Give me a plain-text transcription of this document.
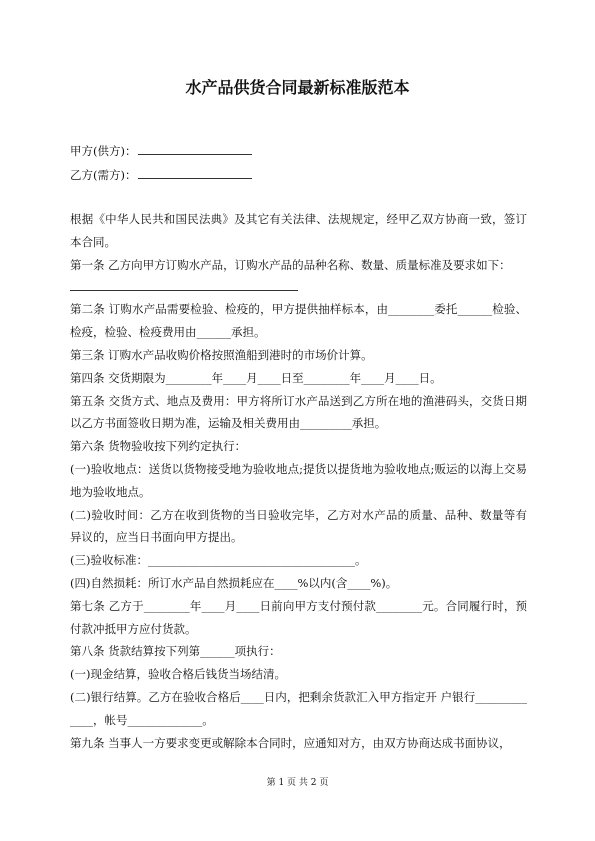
水产品供货合同最新标准版范本
甲方(供方)：
乙方(需方)：

根据《中华人民共和国民法典》及其它有关法律、法规规定，经甲乙双方协商一致，签订本合同。

第一条 乙方向甲方订购水产品，订购水产品的品种名称、数量、质量标准及要求如下：

第二条 订购水产品需要检验、检疫的，甲方提供抽样标本，由________委托______检验、检疫，检验、检疫费用由______承担。

第三条 订购水产品收购价格按照渔船到港时的市场价计算。

第四条 交货期限为________年____月____日至________年____月____日。

第五条 交货方式、地点及费用：甲方将所订水产品送到乙方所在地的渔港码头，交货日期以乙方书面签收日期为准，运输及相关费用由_________承担。

第六条 货物验收按下列约定执行：

(一)验收地点：送货以货物接受地为验收地点;提货以提货地为验收地点;贩运的以海上交易地为验收地点。

(二)验收时间：乙方在收到货物的当日验收完毕，乙方对水产品的质量、品种、数量等有异议的，应当日书面向甲方提出。

(三)验收标准：____________________________________。

(四)自然损耗：所订水产品自然损耗应在____%以内(含____%)。

第七条 乙方于________年____月____日前向甲方支付预付款________元。合同履行时，预付款冲抵甲方应付货款。

第八条 货款结算按下列第______项执行：

(一)现金结算，验收合格后钱货当场结清。

(二)银行结算。乙方在验收合格后____日内，把剩余货款汇入甲方指定开 户银行_____________，帐号_____________。

第九条 当事人一方要求变更或解除本合同时，应通知对方，由双方协商达成书面协议，

第 1 页 共 2 页
